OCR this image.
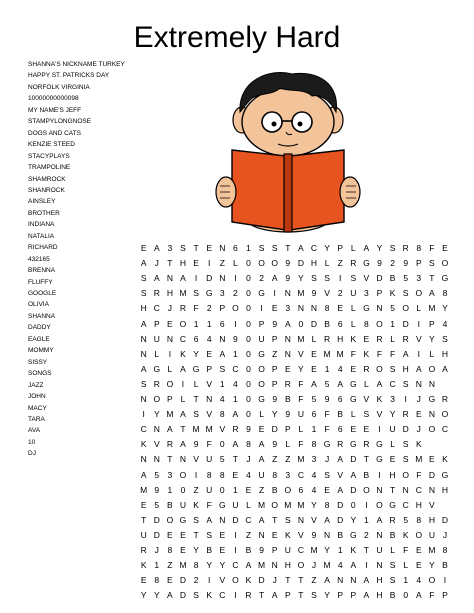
Extremely Hard
SHANNA'S NICKNAME TURKEY
HAPPY ST. PATRICKS DAY
NORFOLK VIRGINIA
10000000000098
MY NAME'S JEFF
STAMPYLONGNOSE
DOGS AND CATS
KENZIE STEED
STACYPLAYS
TRAMPOLINE
SHAMROCK
SHANROCK
AINSLEY
BROTHER
INDIANA
NATALIA
RICHARD
432165
BRENNA
FLUFFY
GOOGLE
OLIVIA
SHANNA
DADDY
EAGLE
MOMMY
SISSY
SONGS
JAZZ
JOHN
MACY
TARA
AVA
10
DJ
E A 3 S T E N 6 1 S S T A C Y P L A Y S R 8 F E
A J T H E	I	Z L 0 O O 9 D H L Z R G 9 2 9 P S O
S A N A	I	D N	I	0 2 A 9 Y S S	I	S V D B 5 3 T G
S R H M S G 3 2 0 G	I	N M 9 V 2 U 3 P K S O A 8
H C J R F 2 P O 0	I	E 3 N N 8 E L G N 5 O L M Y
A P E O 1 1 6	I	0 P 9 A 0 D B 6 L 8 O 1 D	I	P 4
N U N C 6 4 N 9 0 U P N M L R H K E R L R V Y S
N L	I	K Y E A 1 0 G Z N V E M M F K F F A	I	L H
A G L A G P S C 0 O P E Y E 1 4 E R O S H A O A
S R O	I	L V 1 4 0 O P R F A 5 A G L A C S N N
N O P L T N 4 1 0 G 9 B F 5 9 6 G V K 3	I	J G R
I	Y M A S V 8 A 0 L Y 9 U 6 F B L S V Y R E N O
C N A T M M V R 9 E D P L 1 F 6 E E	I	U D J O C
K V R A 9 F 0 A 8 A 9 L F 8 G R G R G L S K
N N T N V U 5 T J A Z Z M 3	J A D T G E S M E K
A 5 3 O	I	8 8 E 4 U 8 3 C 4 S V A B	I	H O F D G
M 9 1 0 Z U 0 1 E Z B O 6 4 E A D O N T N C N H
E 5 B U K F G U L M O M M Y 8 D 0	I	O G C H V
T D O G S A N D C A T S N V A D Y 1 A R 5 8 H D
U D E E T S E	I	Z N E K V 9 N B G 2 N B K O U J
R J	8 E Y B E	I	B 9 P U C M Y 1 K T U L F E M 8
K 1 Z M 8 Y Y C A M N H O J M 4 A	I	N S L E Y B
E 8 E D 2	I	V O K D J T T Z A N N A H S 1 4 O	I
Y Y A D S K C	I	R T A P T S Y P P A H B 0 A F P
